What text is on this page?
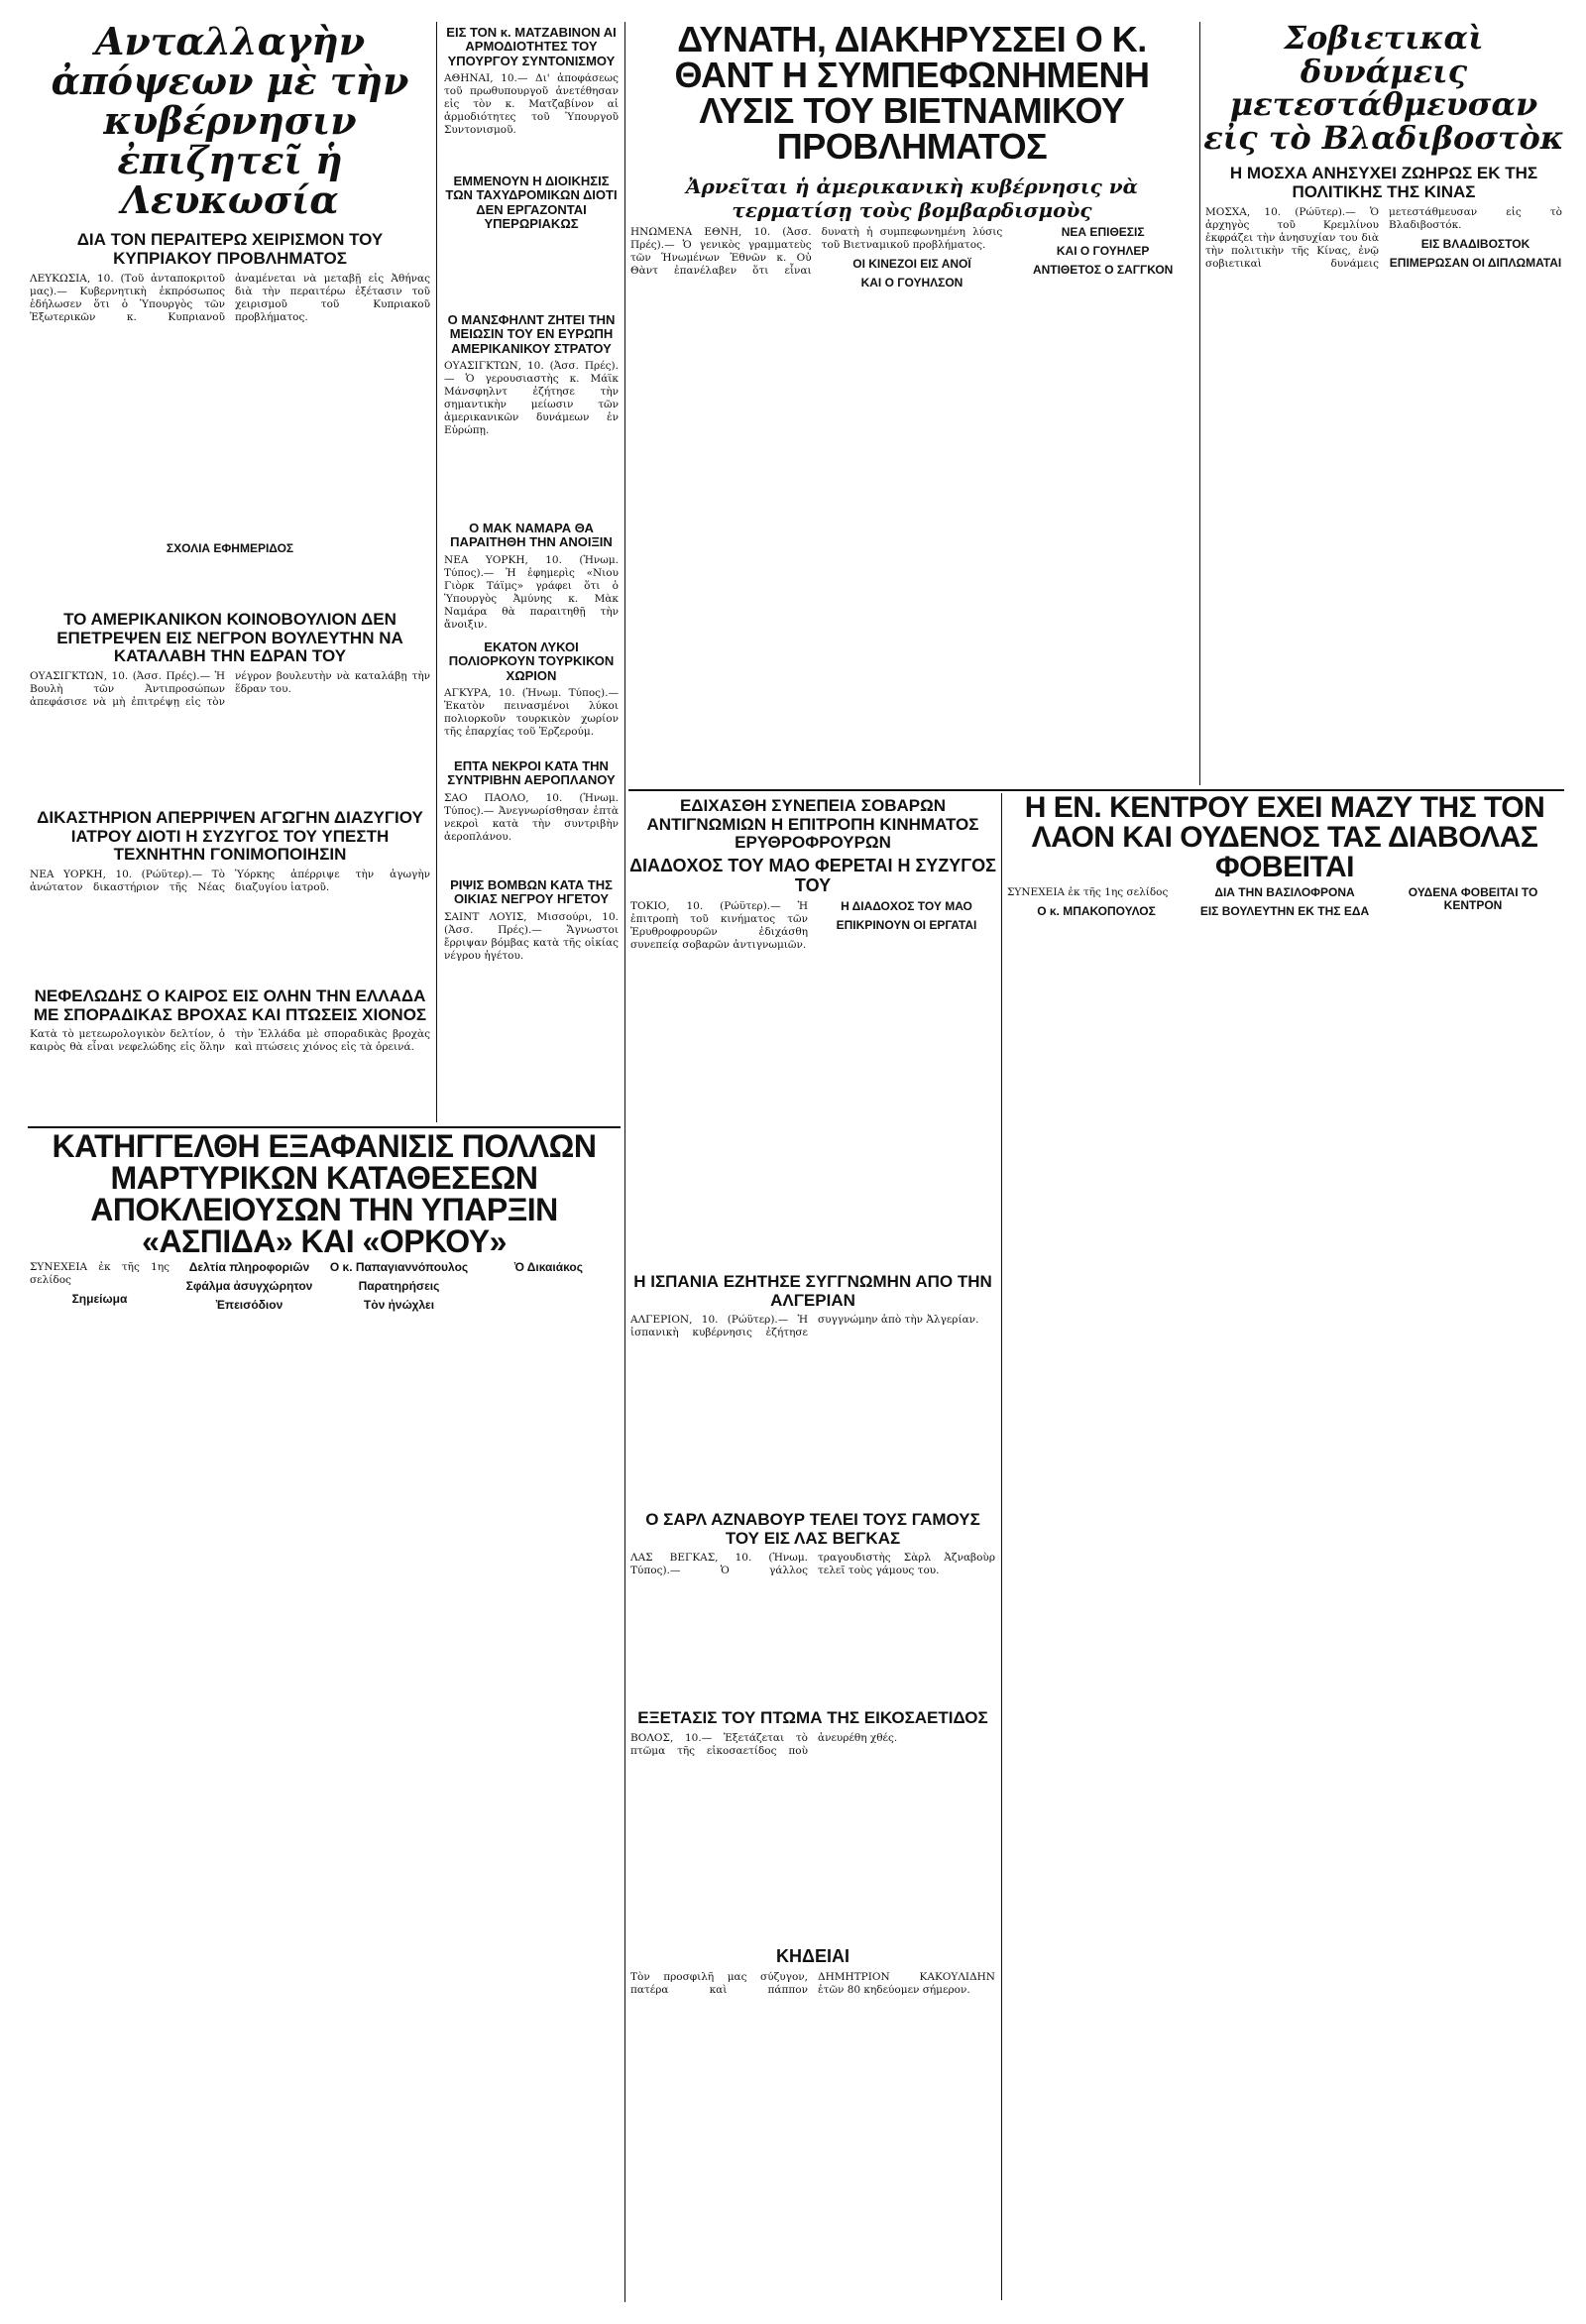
Ανταλλαγὴν ἀπόψεων μὲ τὴν κυβέρνησιν ἐπιζητεῖ ἡ Λευκωσία
ΔΙΑ ΤΟΝ ΠΕΡΑΙΤΕΡΩ ΧΕΙΡΙΣΜΟΝ ΤΟΥ ΚΥΠΡΙΑΚΟΥ ΠΡΟΒΛΗΜΑΤΟΣ
ΛΕΥΚΩΣΙΑ, 10. (Τοῦ ἀνταποκριτοῦ μας).— Κυβερνητικὴ ἐκπρόσωπος ἐδήλωσεν ὅτι ὁ Ὑπουργὸς τῶν Ἐξωτερικῶν κ. Κυπριανοῦ ἀναμένεται νὰ μεταβῇ εἰς Ἀθήνας διὰ τὴν περαιτέρω ἐξέτασιν τοῦ χειρισμοῦ τοῦ Κυπριακοῦ προβλήματος.
ΣΧΟΛΙΑ ΕΦΗΜΕΡΙΔΟΣ
ΕΙΣ ΤΟΝ κ. ΜΑΤΖΑΒΙΝΟΝ ΑΙ ΑΡΜΟΔΙΟΤΗΤΕΣ ΤΟΥ ΥΠΟΥΡΓΟΥ ΣΥΝΤΟΝΙΣΜΟΥ
ΑΘΗΝΑΙ, 10.— Δι' ἀποφάσεως τοῦ πρωθυπουργοῦ ἀνετέθησαν εἰς τὸν κ. Ματζαβίνον αἱ ἁρμοδιότητες τοῦ Ὑπουργοῦ Συντονισμοῦ.
ΕΜΜΕΝΟΥΝ Η ΔΙΟΙΚΗΣΙΣ ΤΩΝ ΤΑΧΥΔΡΟΜΙΚΩΝ ΔΙΟΤΙ ΔΕΝ ΕΡΓΑΖΟΝΤΑΙ ΥΠΕΡΩΡΙΑΚΩΣ
Ο ΜΑΝΣΦΗΛΝΤ ΖΗΤΕΙ ΤΗΝ ΜΕΙΩΣΙΝ ΤΟΥ ΕΝ ΕΥΡΩΠΗ ΑΜΕΡΙΚΑΝΙΚΟΥ ΣΤΡΑΤΟΥ
ΟΥΑΣΙΓΚΤΩΝ, 10. (Ἀσσ. Πρές).— Ὁ γερουσιαστὴς κ. Μάϊκ Μάνσφηλντ ἐζήτησε τὴν σημαντικὴν μείωσιν τῶν ἀμερικανικῶν δυνάμεων ἐν Εὐρώπῃ.
Ο ΜΑΚ ΝΑΜΑΡΑ ΘΑ ΠΑΡΑΙΤΗΘΗ ΤΗΝ ΑΝΟΙΞΙΝ
ΝΕΑ ΥΟΡΚΗ, 10. (Ἡνωμ. Τύπος).— Ἡ ἐφημερὶς «Νιου Γιὸρκ Τάϊμς» γράφει ὅτι ὁ Ὑπουργὸς Ἀμύνης κ. Μὰκ Ναμάρα θὰ παραιτηθῇ τὴν ἄνοιξιν.
ΕΚΑΤΟΝ ΛΥΚΟΙ ΠΟΛΙΟΡΚΟΥΝ ΤΟΥΡΚΙΚΟΝ ΧΩΡΙΟΝ
ΑΓΚΥΡΑ, 10. (Ἡνωμ. Τύπος).— Ἑκατὸν πεινασμένοι λύκοι πολιορκοῦν τουρκικὸν χωρίον τῆς ἐπαρχίας τοῦ Ἐρζερούμ.
ΕΠΤΑ ΝΕΚΡΟΙ ΚΑΤΑ ΤΗΝ ΣΥΝΤΡΙΒΗΝ ΑΕΡΟΠΛΑΝΟΥ
ΣΑΟ ΠΑΟΛΟ, 10. (Ἡνωμ. Τύπος).— Ἀνεγνωρίσθησαν ἑπτὰ νεκροὶ κατὰ τὴν συντριβὴν ἀεροπλάνου.
ΡΙΨΙΣ ΒΟΜΒΩΝ ΚΑΤΑ ΤΗΣ ΟΙΚΙΑΣ ΝΕΓΡΟΥ ΗΓΕΤΟΥ
ΣΑΙΝΤ ΛΟΥΙΣ, Μισσούρι, 10. (Ἀσσ. Πρές).— Ἄγνωστοι ἔρριψαν βόμβας κατὰ τῆς οἰκίας νέγρου ἡγέτου.
ΔΥΝΑΤΗ, ΔΙΑΚΗΡΥΣΣΕΙ Ο Κ. ΘΑΝΤ Η ΣΥΜΠΕΦΩΝΗΜΕΝΗ ΛΥΣΙΣ ΤΟΥ ΒΙΕΤΝΑΜΙΚΟΥ ΠΡΟΒΛΗΜΑΤΟΣ
Ἀρνεῖται ἡ ἀμερικανικὴ κυβέρνησις νὰ τερματίσῃ τοὺς βομβαρδισμοὺς
ΗΝΩΜΕΝΑ ΕΘΝΗ, 10. (Ἀσσ. Πρές).— Ὁ γενικὸς γραμματεὺς τῶν Ἡνωμένων Ἐθνῶν κ. Οὐ Θὰντ ἐπανέλαβεν ὅτι εἶναι δυνατὴ ἡ συμπεφωνημένη λύσις τοῦ Βιετναμικοῦ προβλήματος.
ΟΙ ΚΙΝΕΖΟΙ ΕΙΣ ΑΝΟΪ
ΚΑΙ Ο ΓΟΥΗΛΣΟΝ
ΝΕΑ ΕΠΙΘΕΣΙΣ
ΚΑΙ Ο ΓΟΥΗΛΕΡ
ΑΝΤΙΘΕΤΟΣ Ο ΣΑΓΓΚΟΝ
Σοβιετικαὶ δυνάμεις μετεστάθμευσαν εἰς τὸ Βλαδιβοστὸκ
Η ΜΟΣΧΑ ΑΝΗΣΥΧΕΙ ΖΩΗΡΩΣ ΕΚ ΤΗΣ ΠΟΛΙΤΙΚΗΣ ΤΗΣ ΚΙΝΑΣ
ΜΟΣΧΑ, 10. (Ρώϋτερ).— Ὁ ἀρχηγὸς τοῦ Κρεμλίνου ἐκφράζει τὴν ἀνησυχίαν του διὰ τὴν πολιτικὴν τῆς Κίνας, ἐνῷ σοβιετικαὶ δυνάμεις μετεστάθμευσαν εἰς τὸ Βλαδιβοστόκ.
ΕΙΣ ΒΛΑΔΙΒΟΣΤΟΚ
ΕΠΙΜΕΡΩΣΑΝ ΟΙ ΔΙΠΛΩΜΑΤΑΙ
ΤΟ ΑΜΕΡΙΚΑΝΙΚΟΝ ΚΟΙΝΟΒΟΥΛΙΟΝ ΔΕΝ ΕΠΕΤΡΕΨΕΝ ΕΙΣ ΝΕΓΡΟΝ ΒΟΥΛΕΥΤΗΝ ΝΑ ΚΑΤΑΛΑΒΗ ΤΗΝ ΕΔΡΑΝ ΤΟΥ
ΟΥΑΣΙΓΚΤΩΝ, 10. (Ἀσσ. Πρές).— Ἡ Βουλὴ τῶν Ἀντιπροσώπων ἀπεφάσισε νὰ μὴ ἐπιτρέψῃ εἰς τὸν νέγρον βουλευτὴν νὰ καταλάβῃ τὴν ἕδραν του.
ΔΙΚΑΣΤΗΡΙΟΝ ΑΠΕΡΡΙΨΕΝ ΑΓΩΓΗΝ ΔΙΑΖΥΓΙΟΥ ΙΑΤΡΟΥ ΔΙΟΤΙ Η ΣΥΖΥΓΟΣ ΤΟΥ ΥΠΕΣΤΗ ΤΕΧΝΗΤΗΝ ΓΟΝΙΜΟΠΟΙΗΣΙΝ
ΝΕΑ ΥΟΡΚΗ, 10. (Ρώϋτερ).— Τὸ ἀνώτατον δικαστήριον τῆς Νέας Ὑόρκης ἀπέρριψε τὴν ἀγωγὴν διαζυγίου ἰατροῦ.
ΝΕΦΕΛΩΔΗΣ Ο ΚΑΙΡΟΣ ΕΙΣ ΟΛΗΝ ΤΗΝ ΕΛΛΑΔΑ ΜΕ ΣΠΟΡΑΔΙΚΑΣ ΒΡΟΧΑΣ ΚΑΙ ΠΤΩΣΕΙΣ ΧΙΟΝΟΣ
Κατὰ τὸ μετεωρολογικὸν δελτίον, ὁ καιρὸς θὰ εἶναι νεφελώδης εἰς ὅλην τὴν Ἑλλάδα μὲ σποραδικὰς βροχὰς καὶ πτώσεις χιόνος εἰς τὰ ὀρεινά.
ΕΔΙΧΑΣΘΗ ΣΥΝΕΠΕΙΑ ΣΟΒΑΡΩΝ ΑΝΤΙΓΝΩΜΙΩΝ Η ΕΠΙΤΡΟΠΗ ΚΙΝΗΜΑΤΟΣ ΕΡΥΘΡΟΦΡΟΥΡΩΝ
ΔΙΑΔΟΧΟΣ ΤΟΥ ΜΑΟ ΦΕΡΕΤΑΙ Η ΣΥΖΥΓΟΣ ΤΟΥ
ΤΟΚΙΟ, 10. (Ρώϋτερ).— Ἡ ἐπιτροπὴ τοῦ κινήματος τῶν Ἐρυθροφρουρῶν ἐδιχάσθη συνεπείᾳ σοβαρῶν ἀντιγνωμιῶν.
Η ΔΙΑΔΟΧΟΣ ΤΟΥ ΜΑΟ
ΕΠΙΚΡΙΝΟΥΝ ΟΙ ΕΡΓΑΤΑΙ
Η ΕΝ. ΚΕΝΤΡΟΥ ΕΧΕΙ ΜΑΖΥ ΤΗΣ ΤΟΝ ΛΑΟΝ ΚΑΙ ΟΥΔΕΝΟΣ ΤΑΣ ΔΙΑΒΟΛΑΣ ΦΟΒΕΙΤΑΙ
ΣΥΝΕΧΕΙΑ ἐκ τῆς 1ης σελίδος
Ο κ. ΜΠΑΚΟΠΟΥΛΟΣ
ΔΙΑ ΤΗΝ ΒΑΣΙΛΟΦΡΟΝΑ
ΕΙΣ ΒΟΥΛΕΥΤΗΝ ΕΚ ΤΗΣ ΕΔΑ
ΟΥΔΕΝΑ ΦΟΒΕΙΤΑΙ ΤΟ ΚΕΝΤΡΟΝ
ΚΑΤΗΓΓΕΛΘΗ ΕΞΑΦΑΝΙΣΙΣ ΠΟΛΛΩΝ ΜΑΡΤΥΡΙΚΩΝ ΚΑΤΑΘΕΣΕΩΝ ΑΠΟΚΛΕΙΟΥΣΩΝ ΤΗΝ ΥΠΑΡΞΙΝ «ΑΣΠΙΔΑ» ΚΑΙ «ΟΡΚΟΥ»
ΣΥΝΕΧΕΙΑ ἐκ τῆς 1ης σελίδος
Σημείωμα
Δελτία πληροφοριῶν
Σφάλμα ἀσυγχώρητον
Ἐπεισόδιον
Ο κ. Παπαγιαννόπουλος
Παρατηρήσεις
Τὸν ἠνώχλει
Ὁ Δικαιάκος
Η ΙΣΠΑΝΙΑ ΕΖΗΤΗΣΕ ΣΥΓΓΝΩΜΗΝ ΑΠΟ ΤΗΝ ΑΛΓΕΡΙΑΝ
ΑΛΓΕΡΙΟΝ, 10. (Ρώϋτερ).— Ἡ ἰσπανικὴ κυβέρνησις ἐζήτησε συγγνώμην ἀπὸ τὴν Ἀλγερίαν.
Ο ΣΑΡΛ ΑΖΝΑΒΟΥΡ ΤΕΛΕΙ ΤΟΥΣ ΓΑΜΟΥΣ ΤΟΥ ΕΙΣ ΛΑΣ ΒΕΓΚΑΣ
ΛΑΣ ΒΕΓΚΑΣ, 10. (Ἡνωμ. Τύπος).— Ὁ γάλλος τραγουδιστὴς Σὰρλ Ἀζναβοὺρ τελεῖ τοὺς γάμους του.
ΕΞΕΤΑΣΙΣ ΤΟΥ ΠΤΩΜΑ ΤΗΣ ΕΙΚΟΣΑΕΤΙΔΟΣ
ΒΟΛΟΣ, 10.— Ἐξετάζεται τὸ πτῶμα τῆς εἰκοσαετίδος ποὺ ἀνευρέθη χθές.
ΚΗΔΕΙΑΙ
Τὸν προσφιλῆ μας σύζυγον, πατέρα καὶ πάππον ΔΗΜΗΤΡΙΟΝ ΚΑΚΟΥΛΙΔΗΝ ἐτῶν 80 κηδεύομεν σήμερον.
